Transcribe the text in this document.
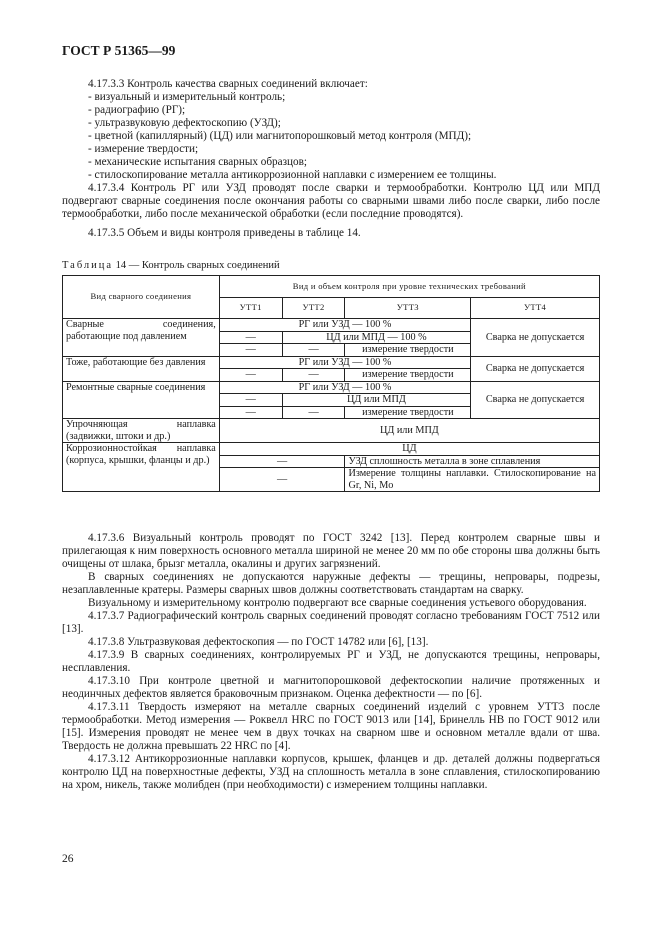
ГОСТ Р 51365—99

4.17.3.3 Контроль качества сварных соединений включает:

- визуальный и измерительный контроль;

- радиографию (РГ);

- ультразвуковую дефектоскопию (УЗД);

- цветной (капиллярный) (ЦД) или магнитопорошковый метод контроля (МПД);

- измерение твердости;

- механические испытания сварных образцов;

- стилоскопирование металла антикоррозионной наплавки с измерением ее толщины.

4.17.3.4 Контроль РГ или УЗД проводят после сварки и термообработки. Контролю ЦД или МПД подвергают сварные соединения после окончания работы со сварными швами либо после сварки, либо после термообработки, либо после механической обработки (если последние проводятся).

4.17.3.5 Объем и виды контроля приведены в таблице 14.

Таблица 14 — Контроль сварных соединений
Вид сварного соединения	Вид и объем контроля при уровне технических требований			
	УТТ1	УТТ2	УТТ3	УТТ4
Сварные соединения, работающие под давлением	РГ или УЗД — 100 %			Сварка не допускается
	—	ЦД или МПД — 100 %		
	—	—	измерение твердости	
Тоже, работающие без давления	РГ или УЗД — 100 %			Сварка не допускается
	—	—	измерение твердости	
Ремонтные сварные соединения	РГ или УЗД — 100 %			Сварка не допускается
	—	ЦД или МПД		
	—	—	измерение твердости	
Упрочняющая наплавка (задвижки, штоки и др.)	ЦД или МПД			
Коррозионностойкая наплавка (корпуса, крышки, фланцы и др.)	ЦД			
	—		УЗД сплошность металла в зоне сплавления	
	—		Измерение толщины наплавки. Стилоскопирование на Gr, Ni, Mo	

4.17.3.6 Визуальный контроль проводят по ГОСТ 3242 [13]. Перед контролем сварные швы и прилегающая к ним поверхность основного металла шириной не менее 20 мм по обе стороны шва должны быть очищены от шлака, брызг металла, окалины и других загрязнений.

В сварных соединениях не допускаются наружные дефекты — трещины, непровары, подрезы, незаплавленные кратеры. Размеры сварных швов должны соответствовать стандартам на сварку.

Визуальному и измерительному контролю подвергают все сварные соединения устьевого оборудования.

4.17.3.7 Радиографический контроль сварных соединений проводят согласно требованиям ГОСТ 7512 или [13].

4.17.3.8 Ультразвуковая дефектоскопия — по ГОСТ 14782 или [6], [13].

4.17.3.9 В сварных соединениях, контролируемых РГ и УЗД, не допускаются трещины, непровары, несплавления.

4.17.3.10 При контроле цветной и магнитопорошковой дефектоскопии наличие протяженных и неодинчных дефектов является браковочным признаком. Оценка дефектности — по [6].

4.17.3.11 Твердость измеряют на металле сварных соединений изделий с уровнем УТТ3 после термообработки. Метод измерения — Роквелл HRC по ГОСТ 9013 или [14], Бринелль НВ по ГОСТ 9012 или [15]. Измерения проводят не менее чем в двух точках на сварном шве и основном металле вдали от шва. Твердость не должна превышать 22 HRC по [4].

4.17.3.12 Антикоррозионные наплавки корпусов, крышек, фланцев и др. деталей должны подвергаться контролю ЦД на поверхностные дефекты, УЗД на сплошность металла в зоне сплавления, стилоскопированию на хром, никель, также молибден (при необходимости) с измерением толщины наплавки.

26
